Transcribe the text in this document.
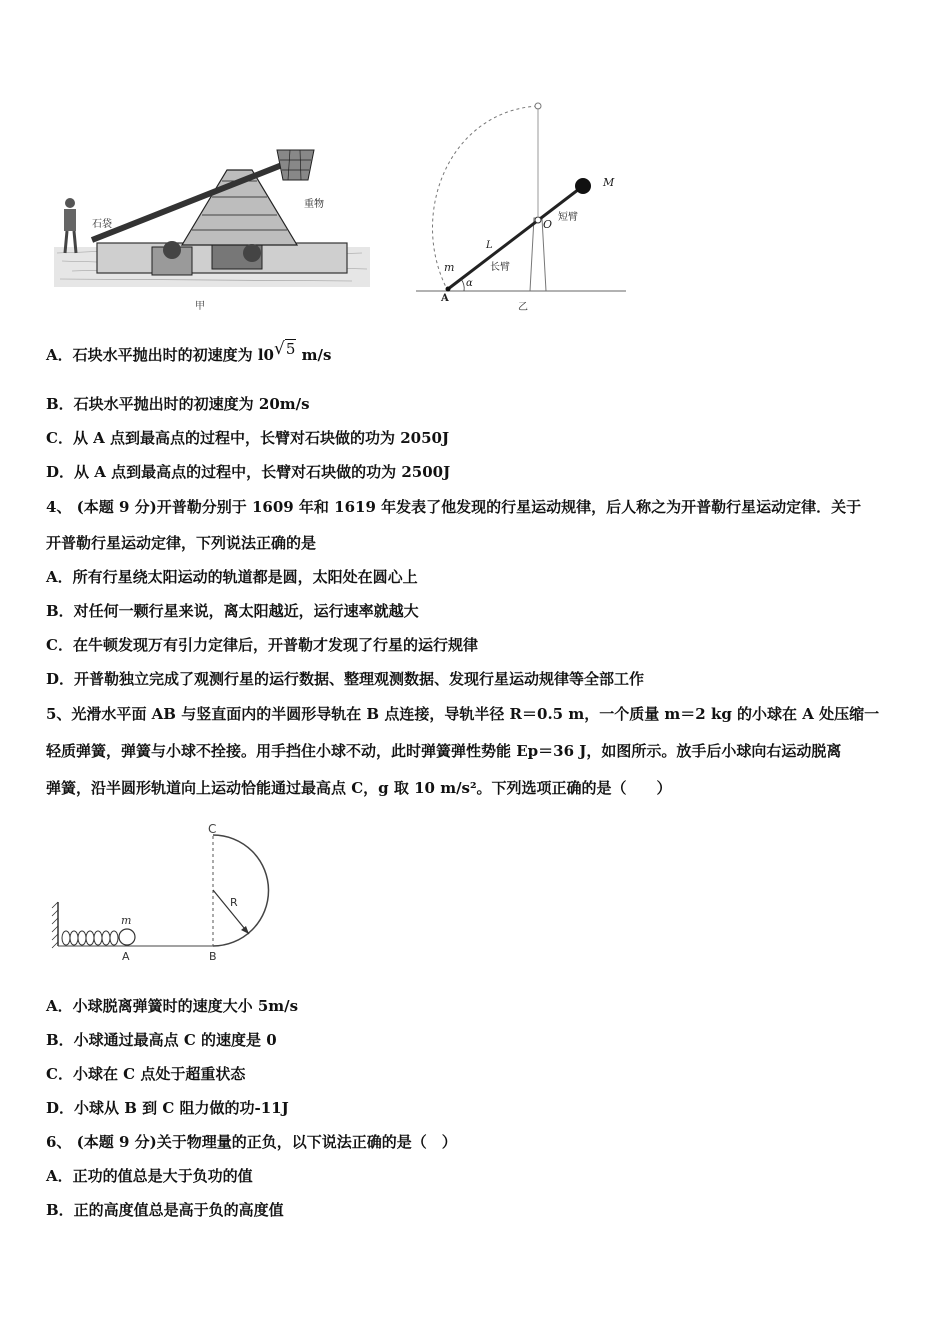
石袋
重物
甲
M
O
短臂
L
长臂
m
α
A
乙
A．石块水平抛出时的初速度为 l0√5 m/s
B．石块水平抛出时的初速度为 20m/s
C．从 A 点到最高点的过程中，长臂对石块做的功为 2050J
D．从 A 点到最高点的过程中，长臂对石块做的功为 2500J
4、 (本题 9 分)开普勒分别于 1609 年和 1619 年发表了他发现的行星运动规律，后人称之为开普勒行星运动定律．关于
开普勒行星运动定律，下列说法正确的是
A．所有行星绕太阳运动的轨道都是圆，太阳处在圆心上
B．对任何一颗行星来说，离太阳越近，运行速率就越大
C．在牛顿发现万有引力定律后，开普勒才发现了行星的运行规律
D．开普勒独立完成了观测行星的运行数据、整理观测数据、发现行星运动规律等全部工作
5、光滑水平面 AB 与竖直面内的半圆形导轨在 B 点连接，导轨半径 R＝0.5 m，一个质量 m＝2 kg 的小球在 A 处压缩一
轻质弹簧，弹簧与小球不拴接。用手挡住小球不动，此时弹簧弹性势能 Ep＝36 J，如图所示。放手后小球向右运动脱离
弹簧，沿半圆形轨道向上运动恰能通过最高点 C，g 取 10 m/s²。下列选项正确的是（　　）
C
R
m
A	B
A．小球脱离弹簧时的速度大小 5m/s
B．小球通过最高点 C 的速度是 0
C．小球在 C 点处于超重状态
D．小球从 B 到 C 阻力做的功-11J
6、 (本题 9 分)关于物理量的正负，以下说法正确的是（　）
A．正功的值总是大于负功的值
B．正的高度值总是高于负的高度值
